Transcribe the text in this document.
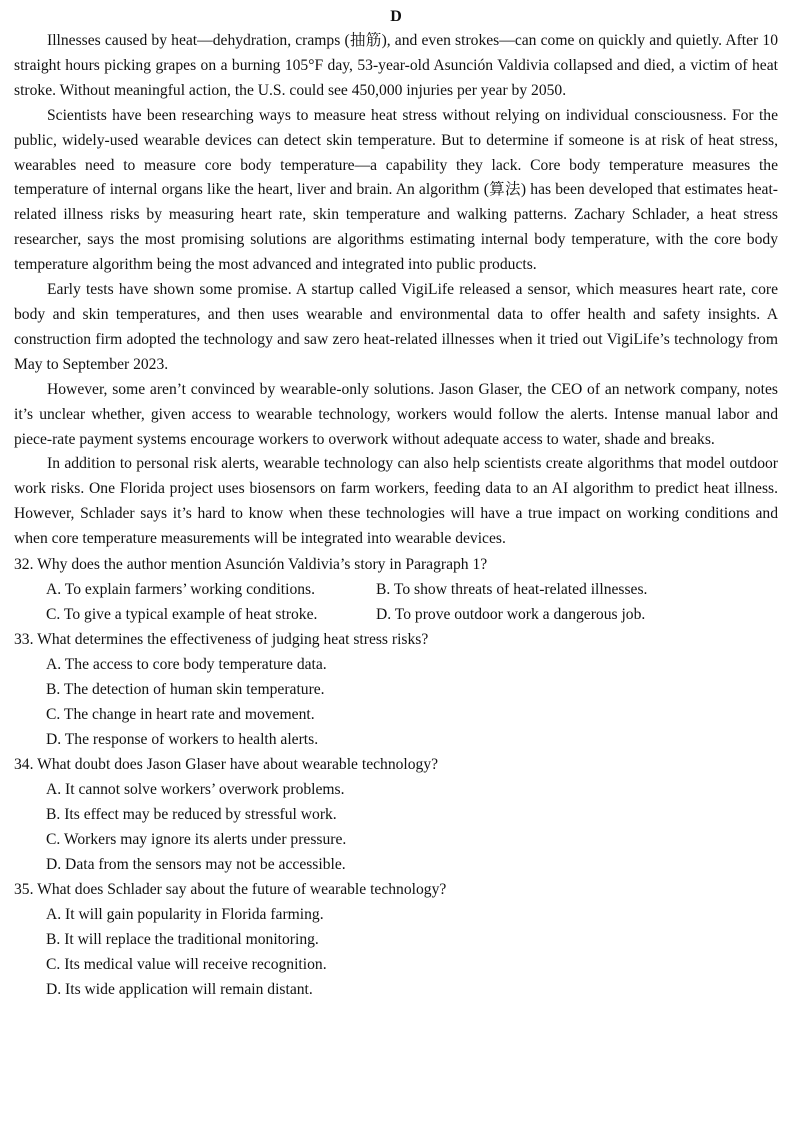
D

Illnesses caused by heat—dehydration, cramps (抽筋), and even strokes—can come on quickly and quietly. After 10 straight hours picking grapes on a burning 105°F day, 53-year-old Asunción Valdivia collapsed and died, a victim of heat stroke. Without meaningful action, the U.S. could see 450,000 injuries per year by 2050.

Scientists have been researching ways to measure heat stress without relying on individual consciousness. For the public, widely-used wearable devices can detect skin temperature. But to determine if someone is at risk of heat stress, wearables need to measure core body temperature—a capability they lack. Core body temperature measures the temperature of internal organs like the heart, liver and brain. An algorithm (算法) has been developed that estimates heat-related illness risks by measuring heart rate, skin temperature and walking patterns. Zachary Schlader, a heat stress researcher, says the most promising solutions are algorithms estimating internal body temperature, with the core body temperature algorithm being the most advanced and integrated into public products.

Early tests have shown some promise. A startup called VigiLife released a sensor, which measures heart rate, core body and skin temperatures, and then uses wearable and environmental data to offer health and safety insights. A construction firm adopted the technology and saw zero heat-related illnesses when it tried out VigiLife’s technology from May to September 2023.

However, some aren’t convinced by wearable-only solutions. Jason Glaser, the CEO of an network company, notes it’s unclear whether, given access to wearable technology, workers would follow the alerts. Intense manual labor and piece-rate payment systems encourage workers to overwork without adequate access to water, shade and breaks.

In addition to personal risk alerts, wearable technology can also help scientists create algorithms that model outdoor work risks. One Florida project uses biosensors on farm workers, feeding data to an AI algorithm to predict heat illness. However, Schlader says it’s hard to know when these technologies will have a true impact on working conditions and when core temperature measurements will be integrated into wearable devices.

32. Why does the author mention Asunción Valdivia’s story in Paragraph 1?
A. To explain farmers’ working conditions.	B. To show threats of heat-related illnesses.
C. To give a typical example of heat stroke.	D. To prove outdoor work a dangerous job.
33. What determines the effectiveness of judging heat stress risks?
A. The access to core body temperature data.
B. The detection of human skin temperature.
C. The change in heart rate and movement.
D. The response of workers to health alerts.
34. What doubt does Jason Glaser have about wearable technology?
A. It cannot solve workers’ overwork problems.
B. Its effect may be reduced by stressful work.
C. Workers may ignore its alerts under pressure.
D. Data from the sensors may not be accessible.
35. What does Schlader say about the future of wearable technology?
A. It will gain popularity in Florida farming.
B. It will replace the traditional monitoring.
C. Its medical value will receive recognition.
D. Its wide application will remain distant.
